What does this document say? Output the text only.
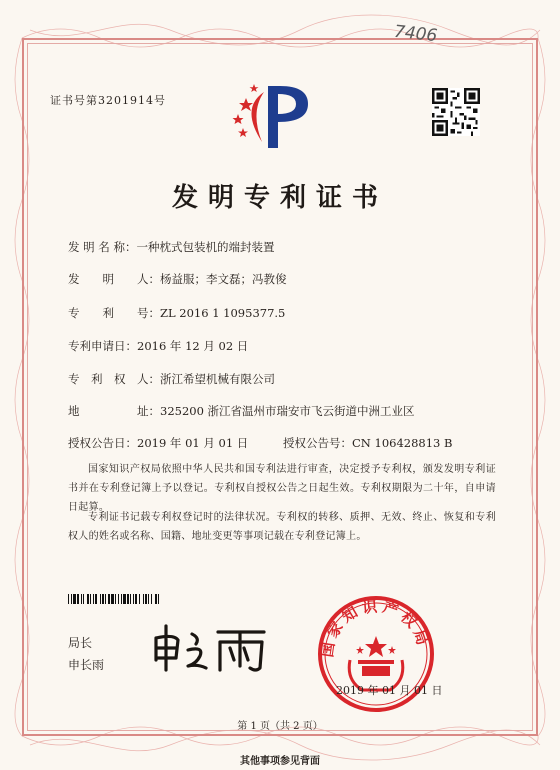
7406
证书号第3201914号
发明专利证书
发 明 名 称：一种枕式包装机的端封装置
发　　明　　人：杨益服；李文磊；冯教俊
专　　利　　号：ZL 2016 1 1095377.5
专利申请日：2016 年 12 月 02 日
专　利　权　人：浙江希望机械有限公司
地　　　　　址：325200 浙江省温州市瑞安市飞云街道中洲工业区
授权公告日：2019 年 01 月 01 日	授权公告号：CN 106428813 B
国家知识产权局依照中华人民共和国专利法进行审查，决定授予专利权，颁发发明专利证书并在专利登记簿上予以登记。专利权自授权公告之日起生效。专利权期限为二十年，自申请日起算。
专利证书记载专利权登记时的法律状况。专利权的转移、质押、无效、终止、恢复和专利权人的姓名或名称、国籍、地址变更等事项记载在专利登记簿上。
局长
申长雨
国家知识产权局
2019 年 01 月 01 日
第 1 页（共 2 页）
其他事项参见背面
